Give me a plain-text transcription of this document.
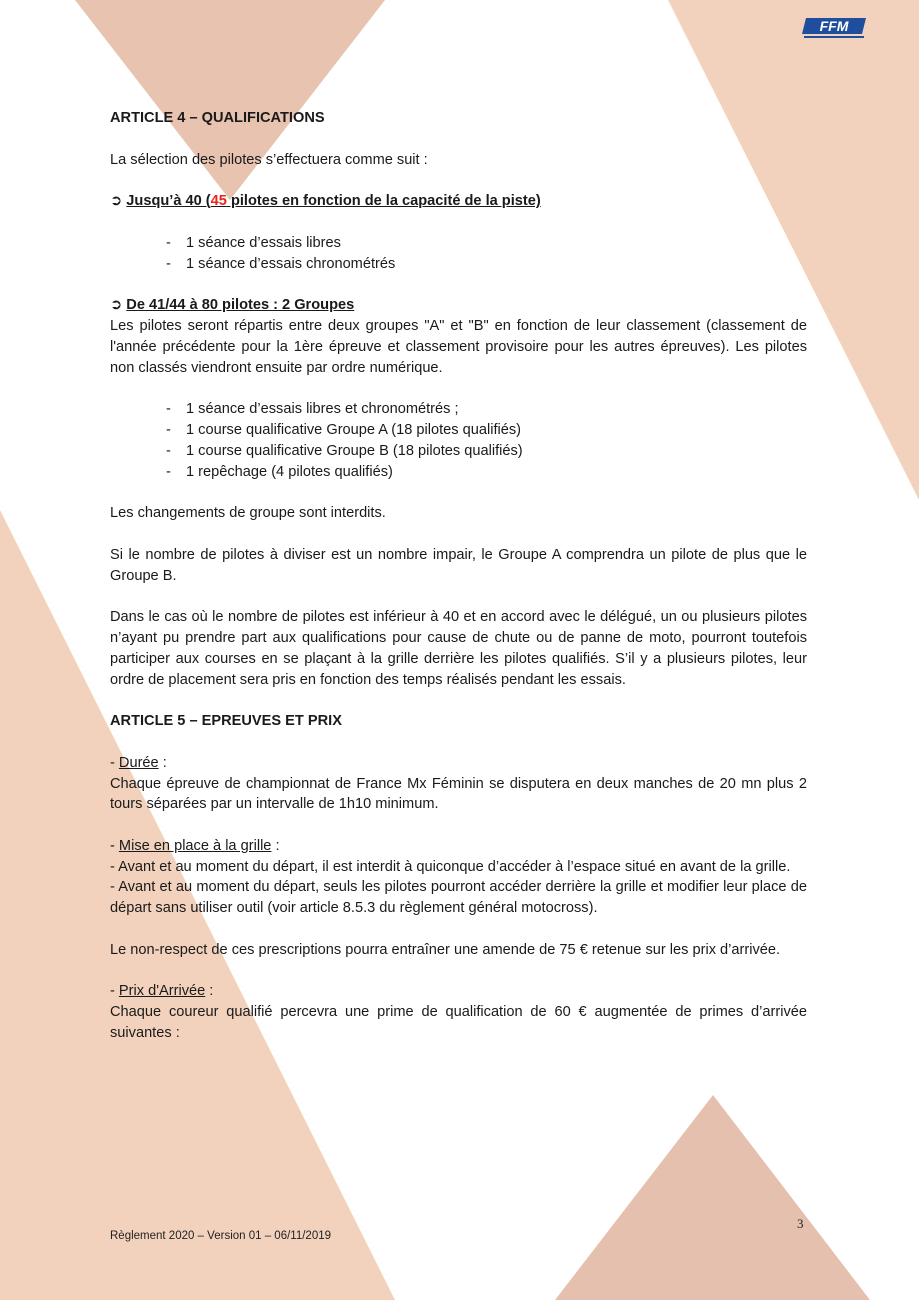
FFM

ARTICLE 4 – QUALIFICATIONS

La sélection des pilotes s’effectuera comme suit :

➲ Jusqu’à 40 (45 pilotes en fonction de la capacité de la piste)

- 1 séance d’essais libres
- 1 séance d’essais chronométrés

➲ De 41/44 à 80 pilotes : 2 Groupes

Les pilotes seront répartis entre deux groupes "A" et "B" en fonction de leur classement (classement de l'année précédente pour la 1ère épreuve et classement provisoire pour les autres épreuves). Les pilotes non classés viendront ensuite par ordre numérique.

- 1 séance d’essais libres et chronométrés ;
- 1 course qualificative Groupe A (18 pilotes qualifiés)
- 1 course qualificative Groupe B (18 pilotes qualifiés)
- 1 repêchage (4 pilotes qualifiés)

Les changements de groupe sont interdits.

Si le nombre de pilotes à diviser est un nombre impair, le Groupe A comprendra un pilote de plus que le Groupe B.

Dans le cas où le nombre de pilotes est inférieur à 40 et en accord avec le délégué, un ou plusieurs pilotes n’ayant pu prendre part aux qualifications pour cause de chute ou de panne de moto, pourront toutefois participer aux courses en se plaçant à la grille derrière les pilotes qualifiés. S’il y a plusieurs pilotes, leur ordre de placement sera pris en fonction des temps réalisés pendant les essais.

ARTICLE 5 – EPREUVES ET PRIX

- Durée :

Chaque épreuve de championnat de France Mx Féminin se disputera en deux manches de 20 mn plus 2 tours séparées par un intervalle de 1h10 minimum.

- Mise en place à la grille :

- Avant et au moment du départ, il est interdit à quiconque d’accéder à l’espace situé en avant de la grille.

- Avant et au moment du départ, seuls les pilotes pourront accéder derrière la grille et modifier leur place de départ sans utiliser outil (voir article 8.5.3 du règlement général motocross).

Le non-respect de ces prescriptions pourra entraîner une amende de 75 € retenue sur les prix d’arrivée.

- Prix d'Arrivée :

Chaque coureur qualifié percevra une prime de qualification de 60 € augmentée de primes d’arrivée suivantes :

3
Règlement 2020 – Version 01 – 06/11/2019
